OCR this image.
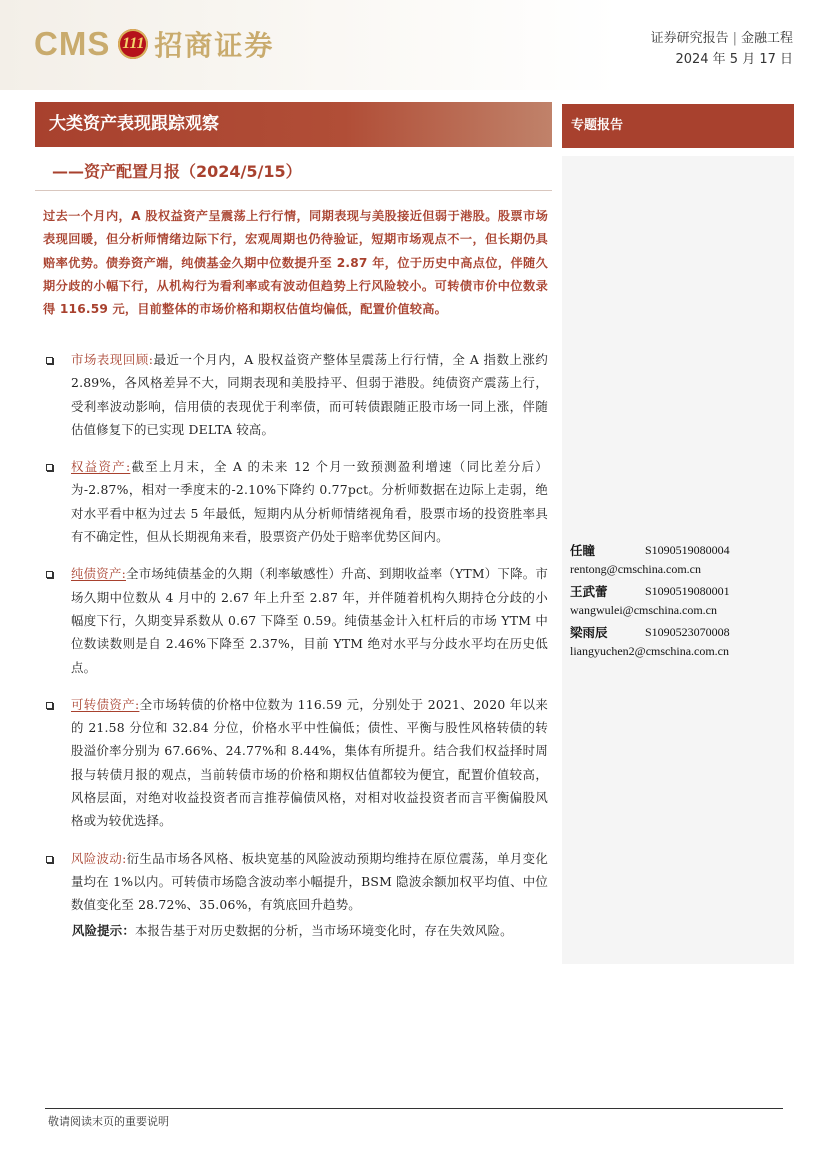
CMS 111 招商证券	证券研究报告 | 金融工程
2024 年 5 月 17 日
大类资产表现跟踪观察
——资产配置月报（2024/5/15）
专题报告
过去一个月内，A 股权益资产呈震荡上行行情，同期表现与美股接近但弱于港股。股票市场表现回暖，但分析师情绪边际下行，宏观周期也仍待验证，短期市场观点不一，但长期仍具赔率优势。债券资产端，纯债基金久期中位数提升至 2.87 年，位于历史中高点位，伴随久期分歧的小幅下行，从机构行为看利率或有波动但趋势上行风险较小。可转债市价中位数录得 116.59 元，目前整体的市场价格和期权估值均偏低，配置价值较高。
市场表现回顾:最近一个月内，A 股权益资产整体呈震荡上行行情，全 A 指数上涨约 2.89%，各风格差异不大，同期表现和美股持平、但弱于港股。纯债资产震荡上行，受利率波动影响，信用债的表现优于利率债，而可转债跟随正股市场一同上涨，伴随估值修复下的已实现 DELTA 较高。
权益资产:截至上月末，全 A 的未来 12 个月一致预测盈利增速（同比差分后）为-2.87%，相对一季度末的-2.10%下降约 0.77pct。分析师数据在边际上走弱，绝对水平看中枢为过去 5 年最低，短期内从分析师情绪视角看，股票市场的投资胜率具有不确定性，但从长期视角来看，股票资产仍处于赔率优势区间内。
纯债资产:全市场纯债基金的久期（利率敏感性）升高、到期收益率（YTM）下降。市场久期中位数从 4 月中的 2.67 年上升至 2.87 年，并伴随着机构久期持仓分歧的小幅度下行，久期变异系数从 0.67 下降至 0.59。纯债基金计入杠杆后的市场 YTM 中位数读数则是自 2.46%下降至 2.37%，目前 YTM 绝对水平与分歧水平均在历史低点。
可转债资产:全市场转债的价格中位数为 116.59 元，分别处于 2021、2020 年以来的 21.58 分位和 32.84 分位，价格水平中性偏低；债性、平衡与股性风格转债的转股溢价率分别为 67.66%、24.77%和 8.44%，集体有所提升。结合我们权益择时周报与转债月报的观点，当前转债市场的价格和期权估值都较为便宜，配置价值较高，风格层面，对绝对收益投资者而言推荐偏债风格，对相对收益投资者而言平衡偏股风格或为较优选择。
风险波动:衍生品市场各风格、板块宽基的风险波动预期均维持在原位震荡，单月变化量均在 1%以内。可转债市场隐含波动率小幅提升，BSM 隐波余额加权平均值、中位数值变化至 28.72%、35.06%，有筑底回升趋势。
风险提示：本报告基于对历史数据的分析，当市场环境变化时，存在失效风险。
任瞳	S1090519080004
rentong@cmschina.com.cn
王武蕾	S1090519080001
wangwulei@cmschina.com.cn
梁雨辰	S1090523070008
liangyuchen2@cmschina.com.cn
敬请阅读末页的重要说明
